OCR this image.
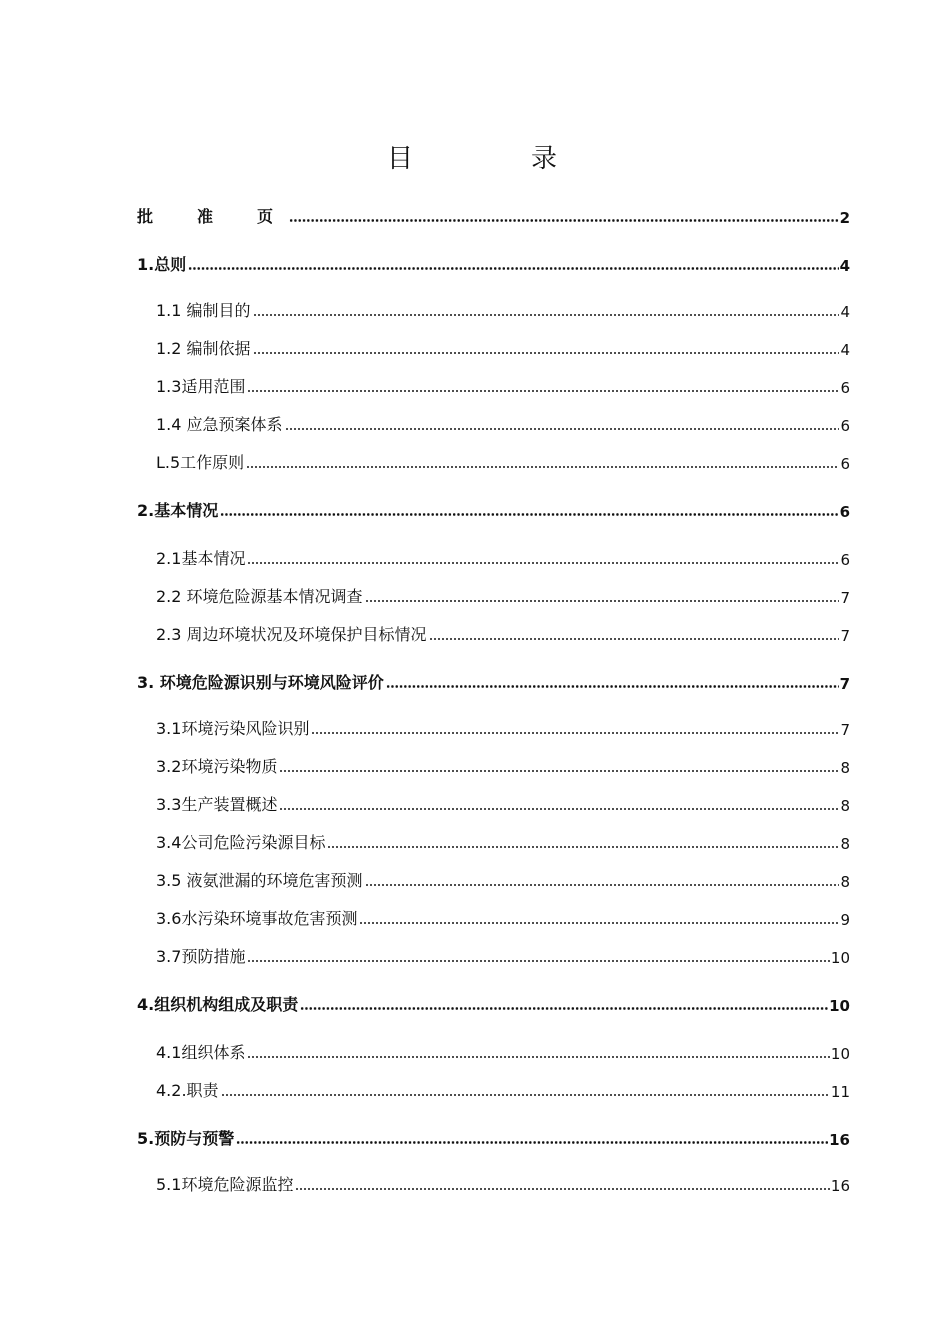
目　录
批　准　页	2
1.总则	4
1.1 编制目的	4
1.2 编制依据	4
1.3适用范围	6
1.4 应急预案体系	6
L.5工作原则	6
2.基本情况	6
2.1基本情况	6
2.2 环境危险源基本情况调查	7
2.3 周边环境状况及环境保护目标情况	7
3. 环境危险源识别与环境风险评价	7
3.1环境污染风险识别	7
3.2环境污染物质	8
3.3生产装置概述	8
3.4公司危险污染源目标	8
3.5 液氨泄漏的环境危害预测	8
3.6水污染环境事故危害预测	9
3.7预防措施	10
4.组织机构组成及职责	10
4.1组织体系	10
4.2.职责	11
5.预防与预警	16
5.1环境危险源监控	16
